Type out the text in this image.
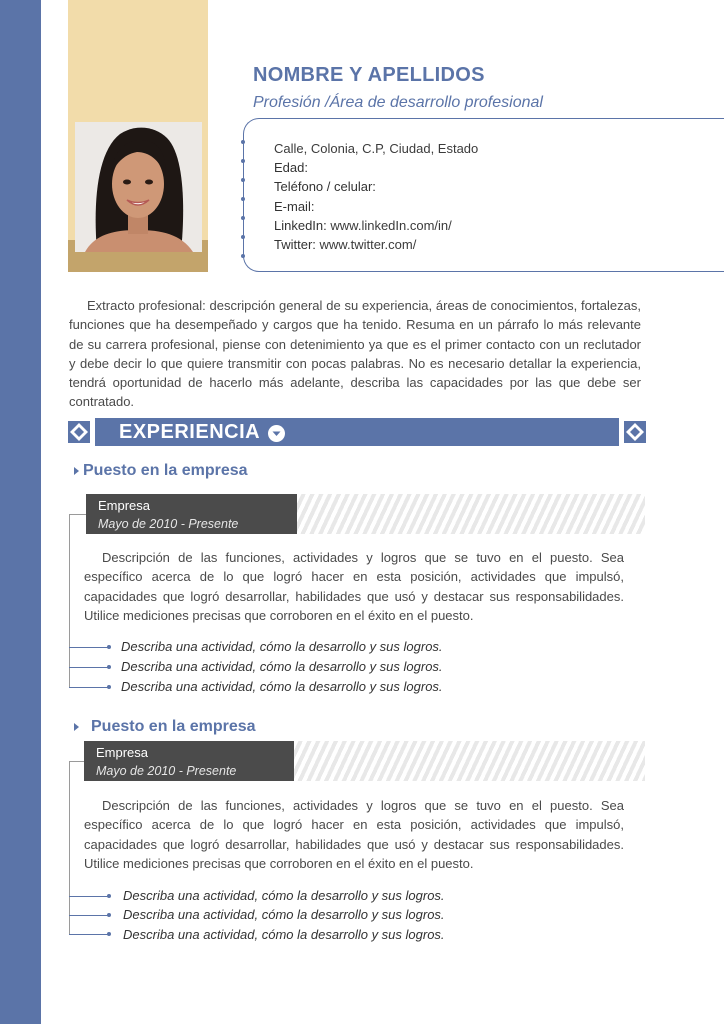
NOMBRE Y APELLIDOS

Profesión /Área de desarrollo profesional

Calle, Colonia, C.P, Ciudad, Estado
Edad:
Teléfono / celular:
E-mail:
LinkedIn: www.linkedIn.com/in/
Twitter: www.twitter.com/

Extracto profesional: descripción general de su experiencia, áreas de conocimientos, fortalezas, funciones que ha desempeñado y cargos que ha tenido. Resuma en un párrafo lo más relevante de su carrera profesional, piense con detenimiento ya que es el primer contacto con un reclutador y debe decir lo que quiere transmitir con pocas palabras. No es necesario detallar la experiencia, tendrá oportunidad de hacerlo más adelante, describa las capacidades por las que debe ser contratado.

EXPERIENCIA
Puesto en la empresa
Empresa
Mayo de 2010 - Presente

Descripción de las funciones, actividades y logros que se tuvo en el puesto. Sea específico acerca de lo que logró hacer en esta posición, actividades que impulsó, capacidades que logró desarrollar, habilidades que usó y destacar sus responsabilidades. Utilice mediciones precisas que corroboren en el éxito en el puesto.

Describa una actividad, cómo la desarrollo y sus logros.
Describa una actividad, cómo la desarrollo y sus logros.
Describa una actividad, cómo la desarrollo y sus logros.
Puesto en la empresa
Empresa
Mayo de 2010 - Presente

Descripción de las funciones, actividades y logros que se tuvo en el puesto. Sea específico acerca de lo que logró hacer en esta posición, actividades que impulsó, capacidades que logró desarrollar, habilidades que usó y destacar sus responsabilidades. Utilice mediciones precisas que corroboren en el éxito en el puesto.

Describa una actividad, cómo la desarrollo y sus logros.
Describa una actividad, cómo la desarrollo y sus logros.
Describa una actividad, cómo la desarrollo y sus logros.
